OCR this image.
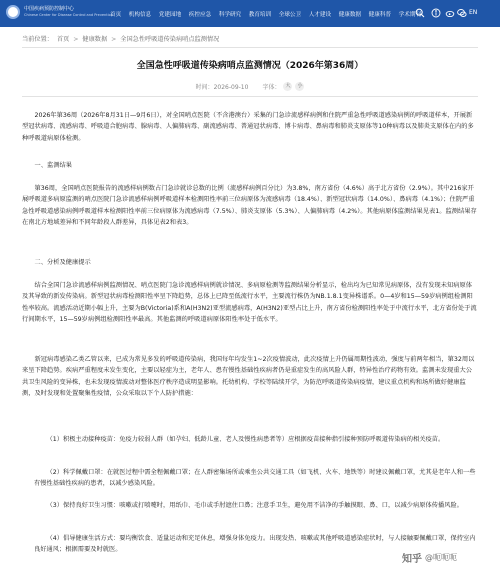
中国疾病预防控制中心
Chinese Center for Disease Control and Prevention
首页 机构信息 党建园地 疾控应急 科学研究 教育培训 全球公卫 人才建设 健康数据 健康科普 学术期刊	EN
当前位置： 首页 > 健康数据 > 全国急性呼吸道传染病哨点监测情况
全国急性呼吸道传染病哨点监测情况（2026年第36周）
时间：2026-09-10 字体： 大	小

2026年第36周（2026年8月31日—9月6日），对全国哨点医院（不含港澳台）采集的门急诊流感样病例和住院严重急性呼吸道感染病例的呼吸道样本，开展新型冠状病毒、流感病毒、呼吸道合胞病毒、腺病毒、人偏肺病毒、副流感病毒、普通冠状病毒、博卡病毒、鼻病毒和肺炎支原体等10种病毒以及肺炎支原体在内的多种呼吸道病原体检测。

一、监测结果

第36周，全国哨点医院报告的流感样病例数占门急诊就诊总数的比例（流感样病例百分比）为3.8%，南方省份（4.6%）高于北方省份（2.9%）。其中216家开展呼吸道多病原监测的哨点医院门急诊流感样病例呼吸道样本检测阳性率前三位病原体为流感病毒（18.4%）、新型冠状病毒（14.0%）、鼻病毒（4.1%）；住院严重急性呼吸道感染病例呼吸道样本检测阳性率前三位病原体为流感病毒（7.5%）、肺炎支原体（5.3%）、人偏肺病毒（4.2%）。其他病原体监测结果见表1。监测结果存在南北方地域差异和不同年龄段人群差异，具体见表2和表3。

二、分析及健康提示

结合全国门急诊流感样病例监测情况、哨点医院门急诊流感样病例就诊情况、多病原检测等监测结果分析显示，检出均为已知常见病原体，没有发现未知病原体及其导致的新发传染病。新型冠状病毒检测阳性率呈下降趋势，总体上已降至低流行水平，主要流行株仍为NB.1.8.1变异株谱系。0—4岁和15—59岁病例组检测阳性率较高。流感活动近期小幅上升，主要为B(Victoria)系和A(H3N2)亚型流感病毒，A(H3N2)亚型占比上升，南方省份检测阳性率处于中流行水平，北方省份处于流行间期水平，15—59岁病例组检测阳性率最高。其他监测的呼吸道病原体阳性率处于低水平。

新冠病毒感染乙类乙管以来，已成为常见多发的呼吸道传染病，我国每年均发生1~2次疫情波动，此次疫情上升仍属周期性波动，强度与前两年相当，第32周以来呈下降趋势。疾病严重程度未发生变化，主要以轻症为主，老年人、患有慢性基础性疾病者仍是重症发生的高风险人群，特异性治疗药物有效。监测未发现重大公共卫生风险的变异株，也未发现疫情波动对整体医疗秩序造成明显影响。托幼机构、学校等陆续开学，为防范呼吸道传染病疫情，建议重点机构和场所做好健康监测，及时发现和处置聚集性疫情，公众采取以下个人防护措施：

（1）积极主动接种疫苗：免疫力较弱人群（如孕妇、低龄儿童、老人及慢性病患者等）应根据疫苗接种指引接种预防呼吸道传染病的相关疫苗。

（2）科学佩戴口罩：在就医过程中需全程佩戴口罩；在人群密集场所或乘坐公共交通工具（如飞机、火车、地铁等）时建议佩戴口罩，尤其是老年人和一些有慢性基础性疾病的患者，以减少感染风险。

（3）保持良好卫生习惯：咳嗽或打喷嚏时，用纸巾、毛巾或手肘遮住口鼻；注意手卫生，避免用不洁净的手触摸眼、鼻、口，以减少病原体传播风险。

（4）倡导健康生活方式：要均衡饮食、适量运动和充足休息，增强身体免疫力。出现发热、咳嗽或其他呼吸道感染症状时，与人接触要佩戴口罩，保持室内良好通风；根据需要及时就医。

知乎 @呃呃呃
